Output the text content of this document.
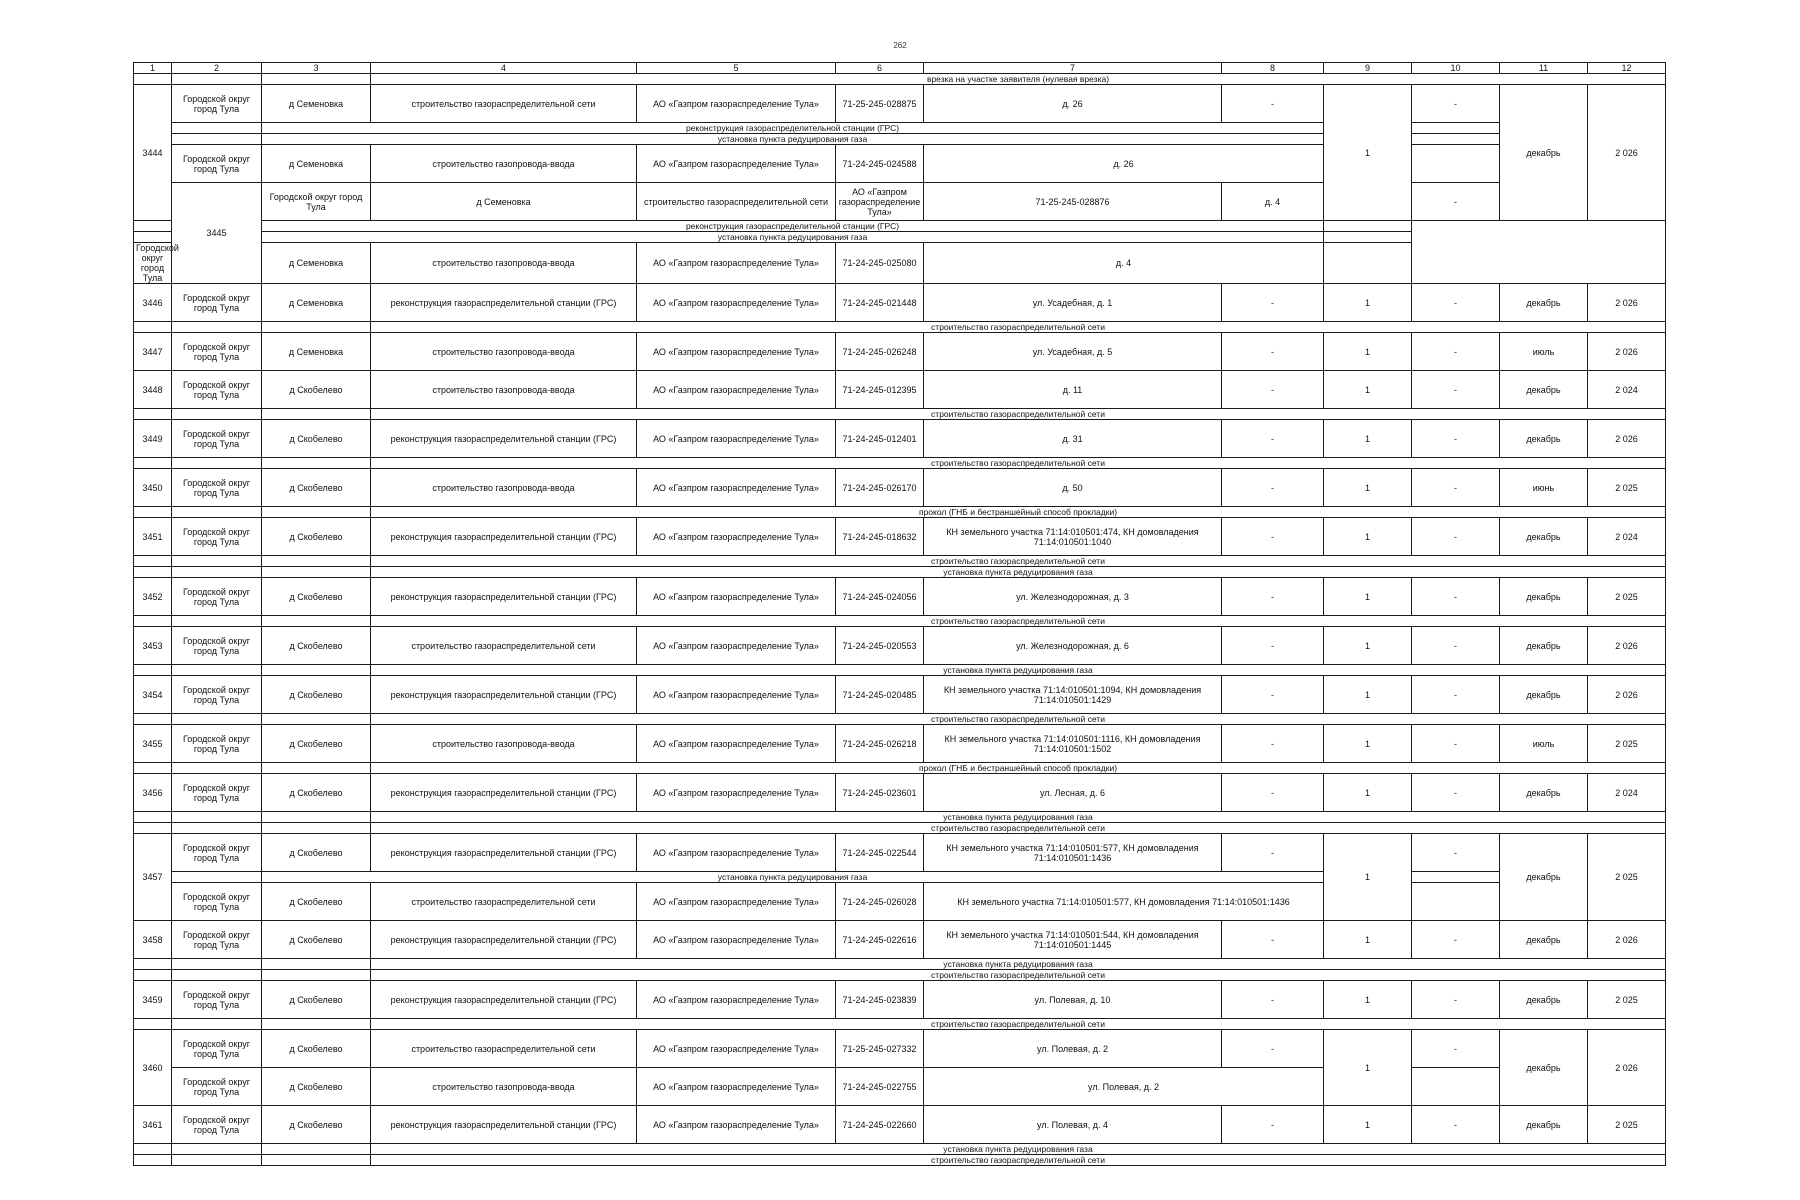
262
1	2	3	4	5	6	7	8	9	10	11	12	
			врезка на участке заявителя (нулевая врезка)									
3444	Городской округ город Тула	д Семеновка	строительство газораспределительной сети	АО «Газпром газораспределение Тула»	71-25-245-028875	д. 26	-	1	-	декабрь	2 026	
		реконструкция газораспределительной станции (ГРС)										
		установка пункта редуцирования газа										
	Городской округ город Тула	д Семеновка	строительство газопровода-ввода	АО «Газпром газораспределение Тула»	71-24-245-024588	д. 26						
	3445	Городской округ город Тула	д Семеновка	строительство газораспределительной сети	АО «Газпром газораспределение Тула»	71-25-245-028876	д. 4		-				
		реконструкция газораспределительной станции (ГРС)										
		установка пункта редуцирования газа										
Городской округ город Тула		д Семеновка	строительство газопровода-ввода	АО «Газпром газораспределение Тула»	71-24-245-025080	д. 4						
3446	Городской округ город Тула	д Семеновка	реконструкция газораспределительной станции (ГРС)	АО «Газпром газораспределение Тула»	71-24-245-021448	ул. Усадебная, д. 1	-	1	-	декабрь	2 026	
			строительство газораспределительной сети									
3447	Городской округ город Тула	д Семеновка	строительство газопровода-ввода	АО «Газпром газораспределение Тула»	71-24-245-026248	ул. Усадебная, д. 5	-	1	-	июль	2 026	
3448	Городской округ город Тула	д Скобелево	строительство газопровода-ввода	АО «Газпром газораспределение Тула»	71-24-245-012395	д. 11	-	1	-	декабрь	2 024	
			строительство газораспределительной сети									
3449	Городской округ город Тула	д Скобелево	реконструкция газораспределительной станции (ГРС)	АО «Газпром газораспределение Тула»	71-24-245-012401	д. 31	-	1	-	декабрь	2 026	
			строительство газораспределительной сети									
3450	Городской округ город Тула	д Скобелево	строительство газопровода-ввода	АО «Газпром газораспределение Тула»	71-24-245-026170	д. 50	-	1	-	июнь	2 025	
			прокол (ГНБ и бестраншейный способ прокладки)									
3451	Городской округ город Тула	д Скобелево	реконструкция газораспределительной станции (ГРС)	АО «Газпром газораспределение Тула»	71-24-245-018632	КН земельного участка 71:14:010501:474, КН домовладения 71:14:010501:1040	-	1	-	декабрь	2 024	
			строительство газораспределительной сети									
			установка пункта редуцирования газа									
3452	Городской округ город Тула	д Скобелево	реконструкция газораспределительной станции (ГРС)	АО «Газпром газораспределение Тула»	71-24-245-024056	ул. Железнодорожная, д. 3	-	1	-	декабрь	2 025	
			строительство газораспределительной сети									
3453	Городской округ город Тула	д Скобелево	строительство газораспределительной сети	АО «Газпром газораспределение Тула»	71-24-245-020553	ул. Железнодорожная, д. 6	-	1	-	декабрь	2 026	
			установка пункта редуцирования газа									
3454	Городской округ город Тула	д Скобелево	реконструкция газораспределительной станции (ГРС)	АО «Газпром газораспределение Тула»	71-24-245-020485	КН земельного участка 71:14:010501:1094, КН домовладения 71:14:010501:1429	-	1	-	декабрь	2 026	
			строительство газораспределительной сети									
3455	Городской округ город Тула	д Скобелево	строительство газопровода-ввода	АО «Газпром газораспределение Тула»	71-24-245-026218	КН земельного участка 71:14:010501:1116, КН домовладения 71:14:010501:1502	-	1	-	июль	2 025	
			прокол (ГНБ и бестраншейный способ прокладки)									
3456	Городской округ город Тула	д Скобелево	реконструкция газораспределительной станции (ГРС)	АО «Газпром газораспределение Тула»	71-24-245-023601	ул. Лесная, д. 6	-	1	-	декабрь	2 024	
			установка пункта редуцирования газа									
			строительство газораспределительной сети									
3457	Городской округ город Тула	д Скобелево	реконструкция газораспределительной станции (ГРС)	АО «Газпром газораспределение Тула»	71-24-245-022544	КН земельного участка 71:14:010501:577, КН домовладения 71:14:010501:1436	-	1	-	декабрь	2 025	
		установка пункта редуцирования газа										
	Городской округ город Тула	д Скобелево	строительство газораспределительной сети	АО «Газпром газораспределение Тула»	71-24-245-026028	КН земельного участка 71:14:010501:577, КН домовладения 71:14:010501:1436						
3458	Городской округ город Тула	д Скобелево	реконструкция газораспределительной станции (ГРС)	АО «Газпром газораспределение Тула»	71-24-245-022616	КН земельного участка 71:14:010501:544, КН домовладения 71:14:010501:1445	-	1	-	декабрь	2 026	
			установка пункта редуцирования газа									
			строительство газораспределительной сети									
3459	Городской округ город Тула	д Скобелево	реконструкция газораспределительной станции (ГРС)	АО «Газпром газораспределение Тула»	71-24-245-023839	ул. Полевая, д. 10	-	1	-	декабрь	2 025	
			строительство газораспределительной сети									
3460	Городской округ город Тула	д Скобелево	строительство газораспределительной сети	АО «Газпром газораспределение Тула»	71-25-245-027332	ул. Полевая, д. 2	-	1	-	декабрь	2 026	
	Городской округ город Тула	д Скобелево	строительство газопровода-ввода	АО «Газпром газораспределение Тула»	71-24-245-022755	ул. Полевая, д. 2						
3461	Городской округ город Тула	д Скобелево	реконструкция газораспределительной станции (ГРС)	АО «Газпром газораспределение Тула»	71-24-245-022660	ул. Полевая, д. 4	-	1	-	декабрь	2 025	
			установка пункта редуцирования газа									
			строительство газораспределительной сети									
